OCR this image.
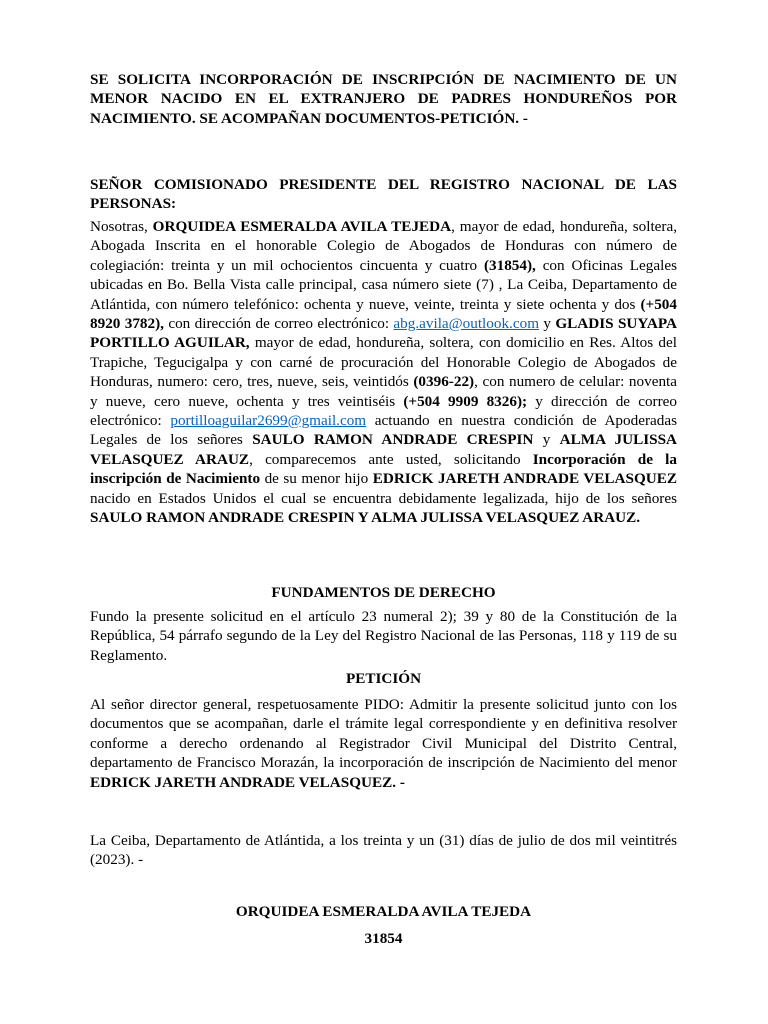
SE SOLICITA INCORPORACIÓN DE INSCRIPCIÓN DE NACIMIENTO DE UN MENOR NACIDO EN EL EXTRANJERO DE PADRES HONDUREÑOS POR NACIMIENTO. SE ACOMPAÑAN DOCUMENTOS-PETICIÓN. -
SEÑOR COMISIONADO PRESIDENTE DEL REGISTRO NACIONAL DE LAS PERSONAS:
Nosotras, ORQUIDEA ESMERALDA AVILA TEJEDA, mayor de edad, hondureña, soltera, Abogada Inscrita en el honorable Colegio de Abogados de Honduras con número de colegiación: treinta y un mil ochocientos cincuenta y cuatro (31854), con Oficinas Legales ubicadas en Bo. Bella Vista calle principal, casa número siete (7) , La Ceiba, Departamento de Atlántida, con número telefónico: ochenta y nueve, veinte, treinta y siete ochenta y dos (+504 8920 3782), con dirección de correo electrónico: abg.avila@outlook.com y GLADIS SUYAPA PORTILLO AGUILAR, mayor de edad, hondureña, soltera, con domicilio en Res. Altos del Trapiche, Tegucigalpa y con carné de procuración del Honorable Colegio de Abogados de Honduras, numero: cero, tres, nueve, seis, veintidós (0396-22), con numero de celular: noventa y nueve, cero nueve, ochenta y tres veintiséis (+504 9909 8326); y dirección de correo electrónico: portilloaguilar2699@gmail.com actuando en nuestra condición de Apoderadas Legales de los señores SAULO RAMON ANDRADE CRESPIN y ALMA JULISSA VELASQUEZ ARAUZ, comparecemos ante usted, solicitando Incorporación de la inscripción de Nacimiento de su menor hijo EDRICK JARETH ANDRADE VELASQUEZ nacido en Estados Unidos el cual se encuentra debidamente legalizada, hijo de los señores SAULO RAMON ANDRADE CRESPIN Y ALMA JULISSA VELASQUEZ ARAUZ.
FUNDAMENTOS DE DERECHO
Fundo la presente solicitud en el artículo 23 numeral 2); 39 y 80 de la Constitución de la República, 54 párrafo segundo de la Ley del Registro Nacional de las Personas, 118 y 119 de su Reglamento.
PETICIÓN
Al señor director general, respetuosamente PIDO: Admitir la presente solicitud junto con los documentos que se acompañan, darle el trámite legal correspondiente y en definitiva resolver conforme a derecho ordenando al Registrador Civil Municipal del Distrito Central, departamento de Francisco Morazán, la incorporación de inscripción de Nacimiento del menor EDRICK JARETH ANDRADE VELASQUEZ. -
La Ceiba, Departamento de Atlántida, a los treinta y un (31) días de julio de dos mil veintitrés (2023). -
ORQUIDEA ESMERALDA AVILA TEJEDA
31854
